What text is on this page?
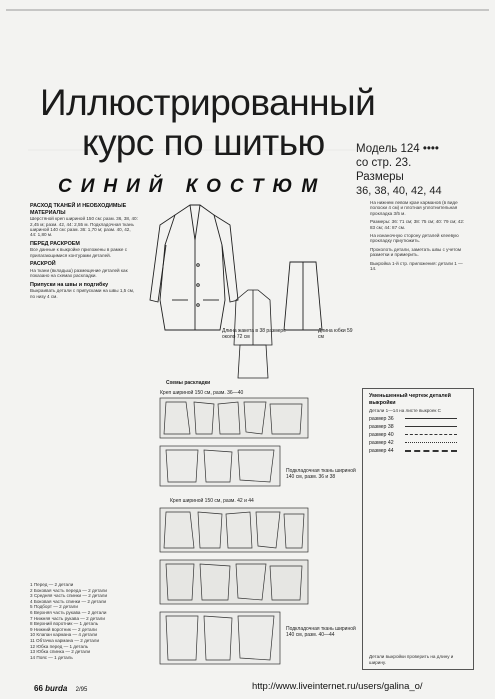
Иллюстрированный
курс по шитью
СИНИЙ КОСТЮМ
Модель 124 ••••
со стр. 23.
Размеры
36, 38, 40, 42, 44
РАСХОД ТКАНЕЙ И НЕОБХОДИМЫЕ МАТЕРИАЛЫ

Шерстяной креп шириной 150 см: разм. 36, 38, 40: 2,45 м; разм. 42, 44: 2,55 м. Подкладочная ткань шириной 140 см: разм. 36: 1,70 м; разм. 40, 42, 44: 1,80 м.

ПЕРЕД РАСКРОЕМ

Все данные к выкройке приложены в рамке с прилагающимися контурами деталей.

РАСКРОЙ

На ткани (вкладыш) размещение деталей как показано на схемах раскладки.

Припуски на швы и подгибку

Выкраивать детали с припусками на швы 1,5 см, по низу 4 см.

1 Перед — 2 детали
2 Боковая часть переда — 2 детали
3 Средняя часть спинки — 2 детали
4 Боковая часть спинки — 2 детали
5 Подборт — 2 детали
6 Верхняя часть рукава — 2 детали
7 Нижняя часть рукава — 2 детали
8 Верхний воротник — 1 деталь
9 Нижний воротник — 2 детали
10 Клапан кармана — 4 детали
11 Обтачка кармана — 2 детали
12 Юбка перед — 1 деталь
13 Юбка спинка — 2 детали
14 Пояс — 1 деталь

На нижнем левом крае карманов (в виде полоски 4 см) и плотная уплотнительная прокладка 3/5 м.

Размеры: 36: 71 см; 38: 75 см; 40: 79 см; 42: 83 см; 44: 87 см.

На изнаночную сторону деталей клеевую прокладку приутюжить.

Проколоть детали, заметать швы с учетом разметки и примерить.

Выкройка 1-й стр. приложения: детали 1 — 14.

Длина жакета в 38 размере около 72 см
Длина юбки 59 см
Схемы раскладки
Креп шириной 150 см, разм. 36—40
Подкладочная ткань шириной 140 см, разм. 36 и 38
Креп шириной 150 см, разм. 42 и 44
Подкладочная ткань шириной 140 см, разм. 40—44
Уменьшенный чертеж деталей выкройки
Детали 1—14 на листе выкроек С
размер 36
размер 38
размер 40
размер 42
размер 44
Детали выкройки проверить на длину и ширину.
66 burda 2/95	http://www.liveinternet.ru/users/galina_o/
